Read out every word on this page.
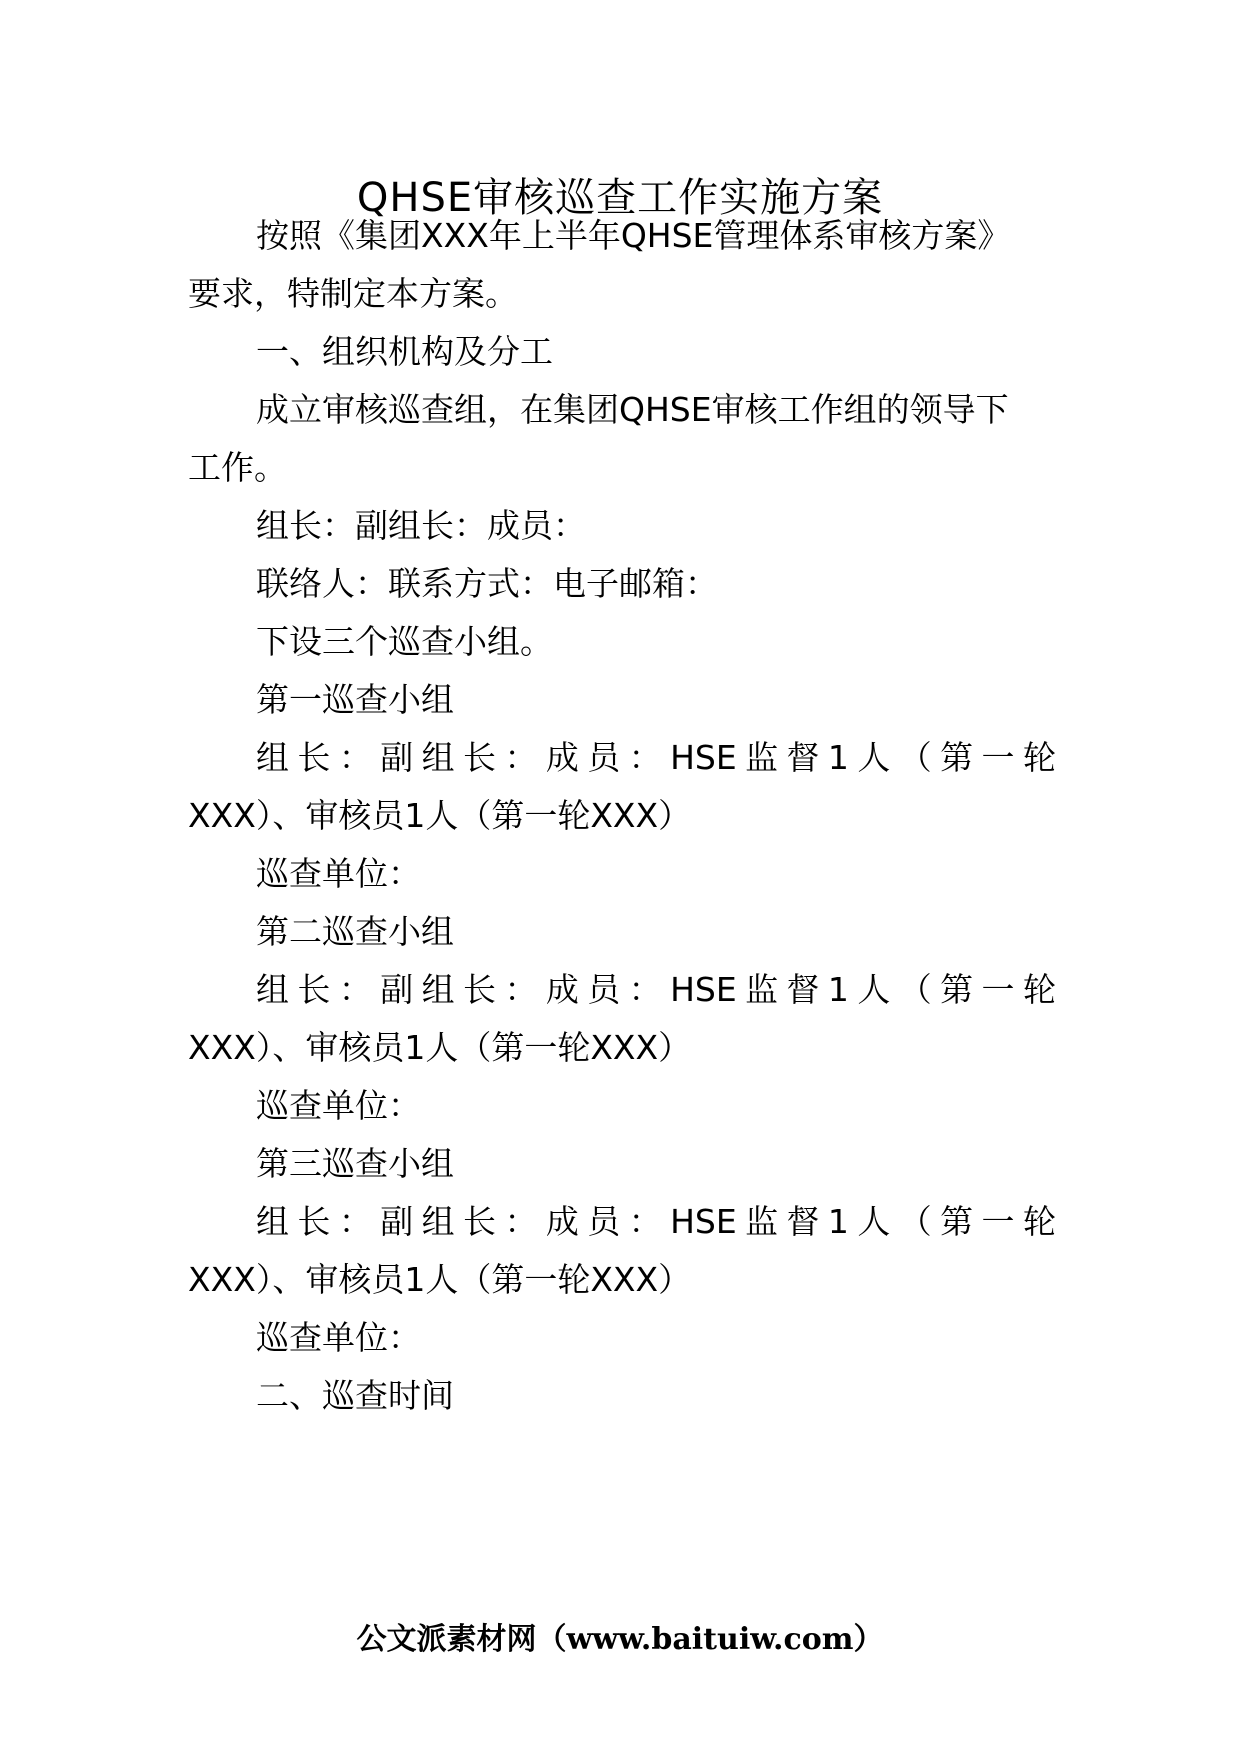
QHSE审核巡查工作实施方案
按照《集团XXX年上半年QHSE管理体系审核方案》
要求，特制定本方案。
一、组织机构及分工
成立审核巡查组，在集团QHSE审核工作组的领导下
工作。
组长：副组长：成员：
联络人：联系方式：电子邮箱：
下设三个巡查小组。
第一巡查小组
组 长 ： 副 组 长 ： 成 员 ： HSE 监 督 1 人 （ 第 一 轮
XXX）、审核员1人（第一轮XXX）
巡查单位：
第二巡查小组
组 长 ： 副 组 长 ： 成 员 ： HSE 监 督 1 人 （ 第 一 轮
XXX）、审核员1人（第一轮XXX）
巡查单位：
第三巡查小组
组 长 ： 副 组 长 ： 成 员 ： HSE 监 督 1 人 （ 第 一 轮
XXX）、审核员1人（第一轮XXX）
巡查单位：
二、巡查时间
公文派素材网（www.baituiw.com）
